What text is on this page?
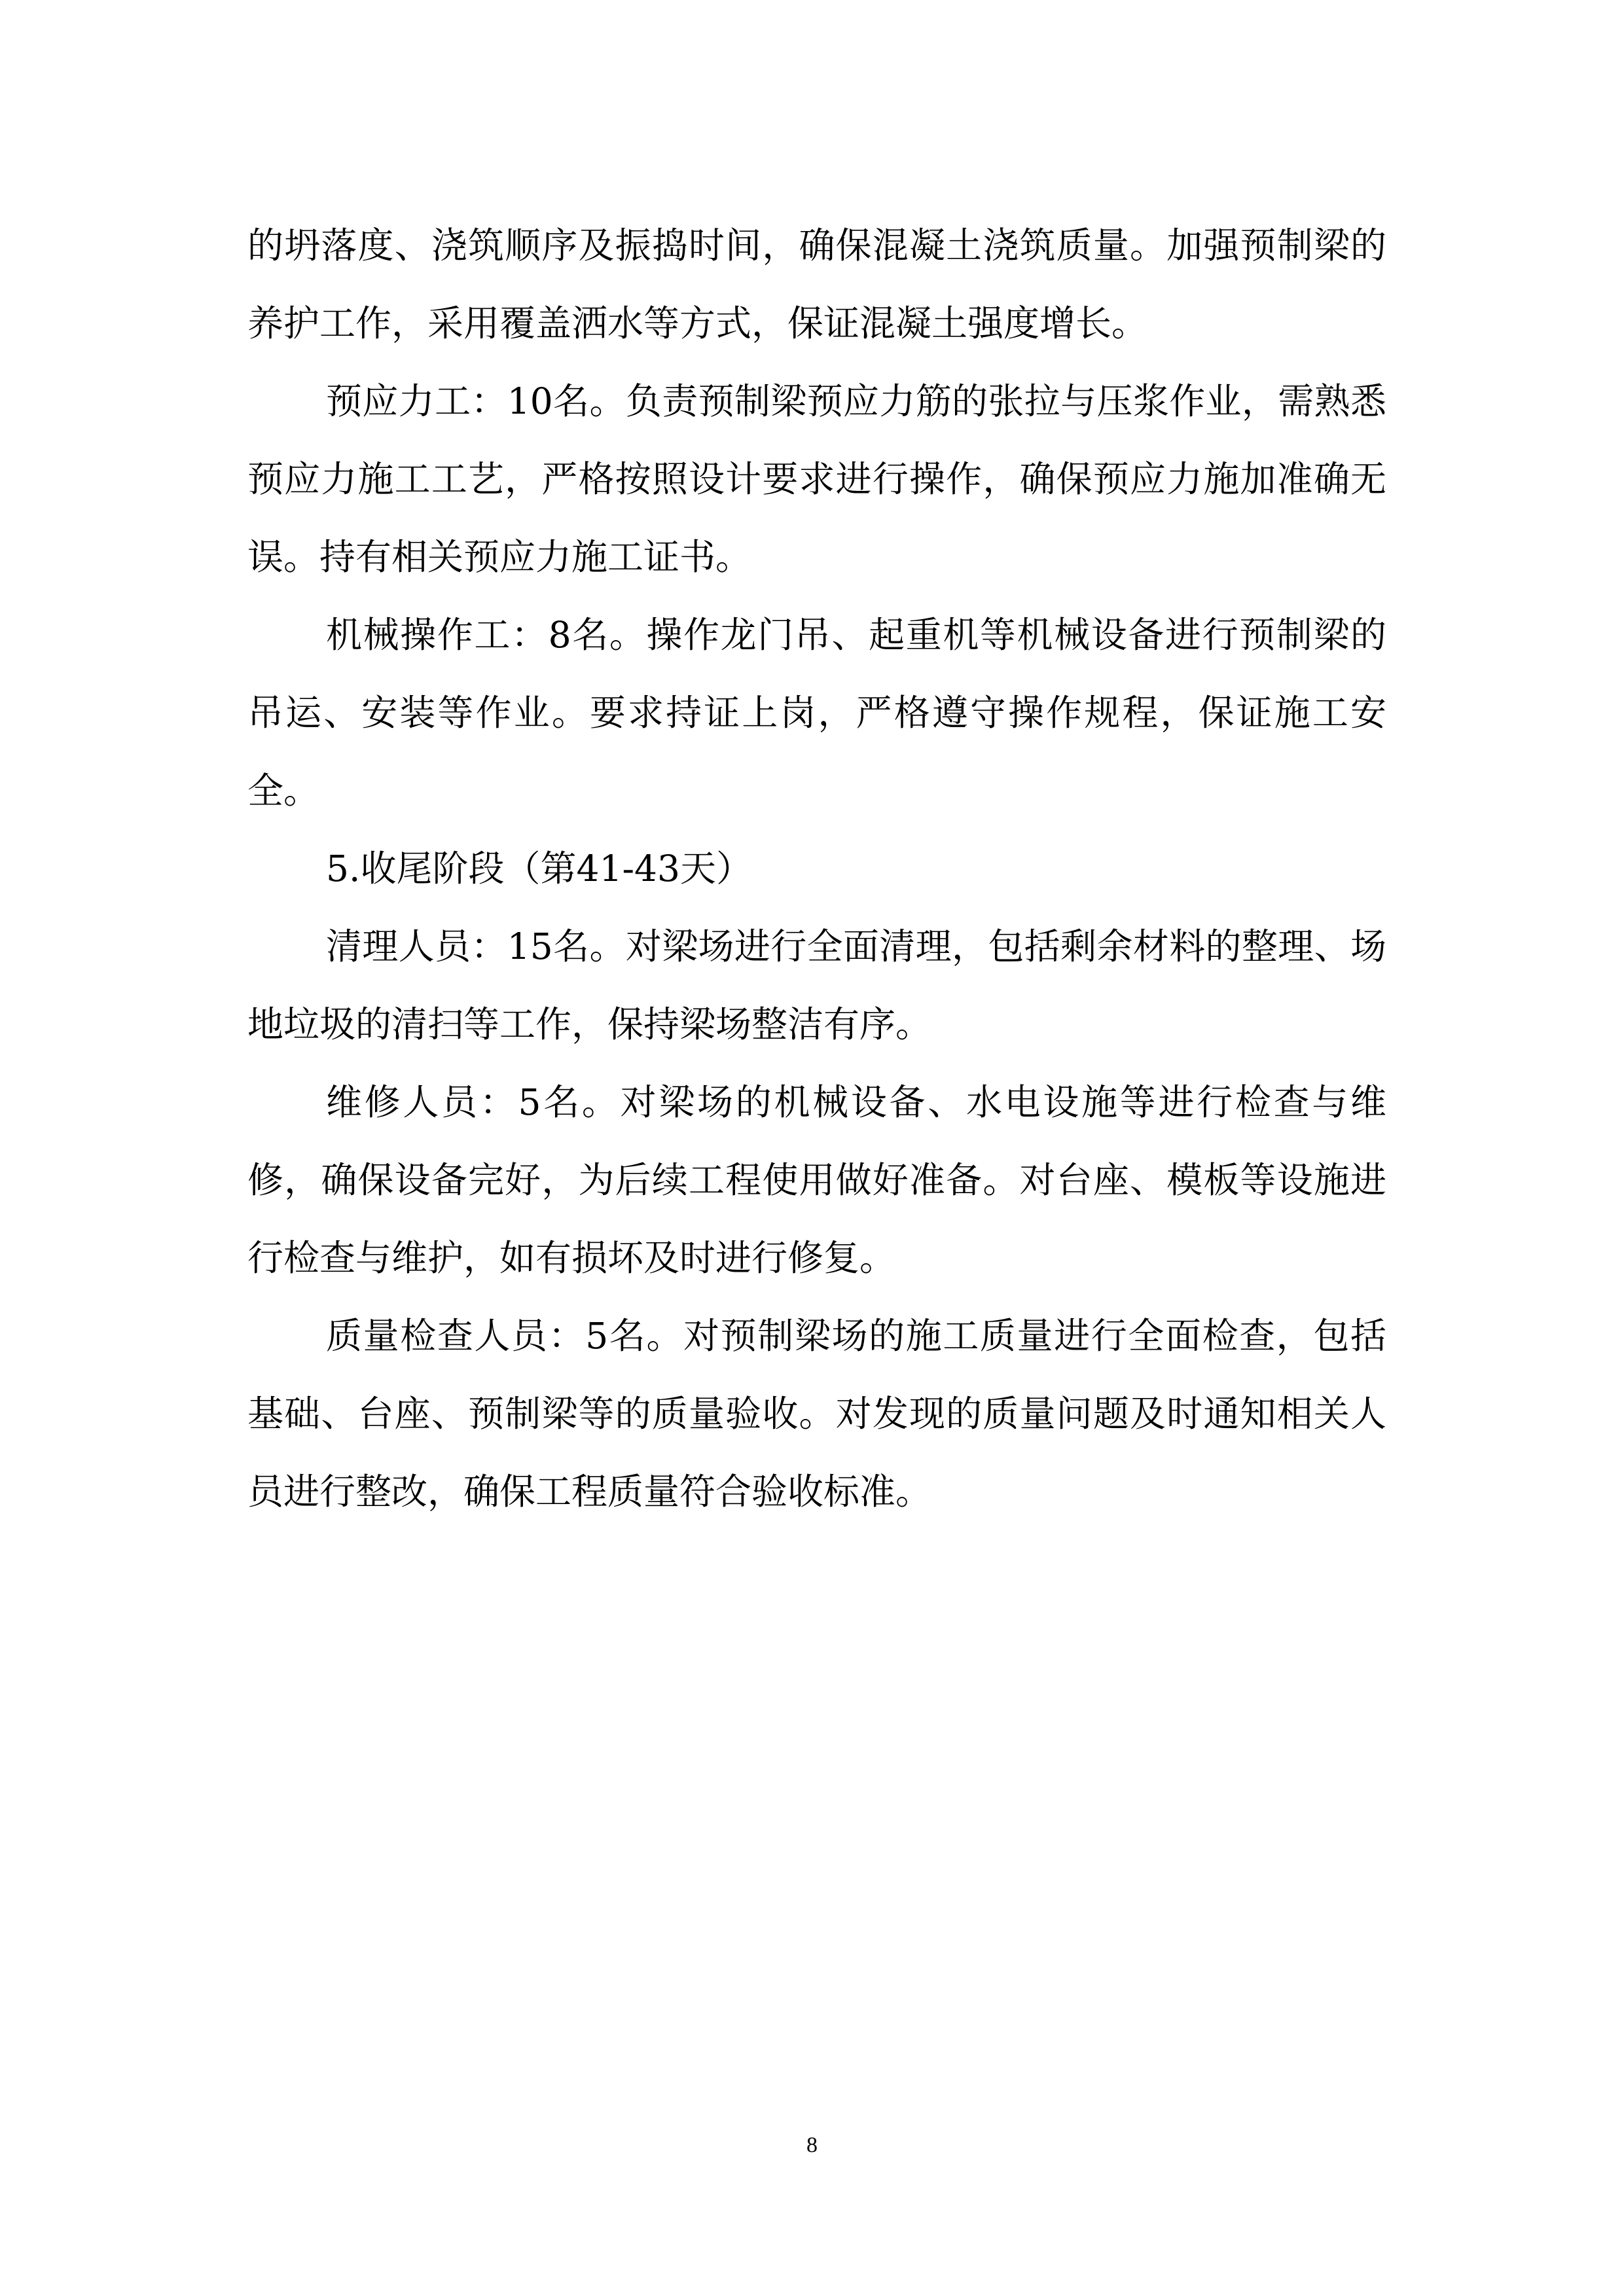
的坍落度、浇筑顺序及振捣时间，确保混凝土浇筑质量。加强预制梁的养护工作，采用覆盖洒水等方式，保证混凝土强度增长。

预应力工：10名。负责预制梁预应力筋的张拉与压浆作业，需熟悉预应力施工工艺，严格按照设计要求进行操作，确保预应力施加准确无误。持有相关预应力施工证书。

机械操作工：8名。操作龙门吊、起重机等机械设备进行预制梁的吊运、安装等作业。要求持证上岗，严格遵守操作规程，保证施工安全。

5.收尾阶段（第41-43天）

清理人员：15名。对梁场进行全面清理，包括剩余材料的整理、场地垃圾的清扫等工作，保持梁场整洁有序。

维修人员：5名。对梁场的机械设备、水电设施等进行检查与维修，确保设备完好，为后续工程使用做好准备。对台座、模板等设施进行检查与维护，如有损坏及时进行修复。

质量检查人员：5名。对预制梁场的施工质量进行全面检查，包括基础、台座、预制梁等的质量验收。对发现的质量问题及时通知相关人员进行整改，确保工程质量符合验收标准。

8
